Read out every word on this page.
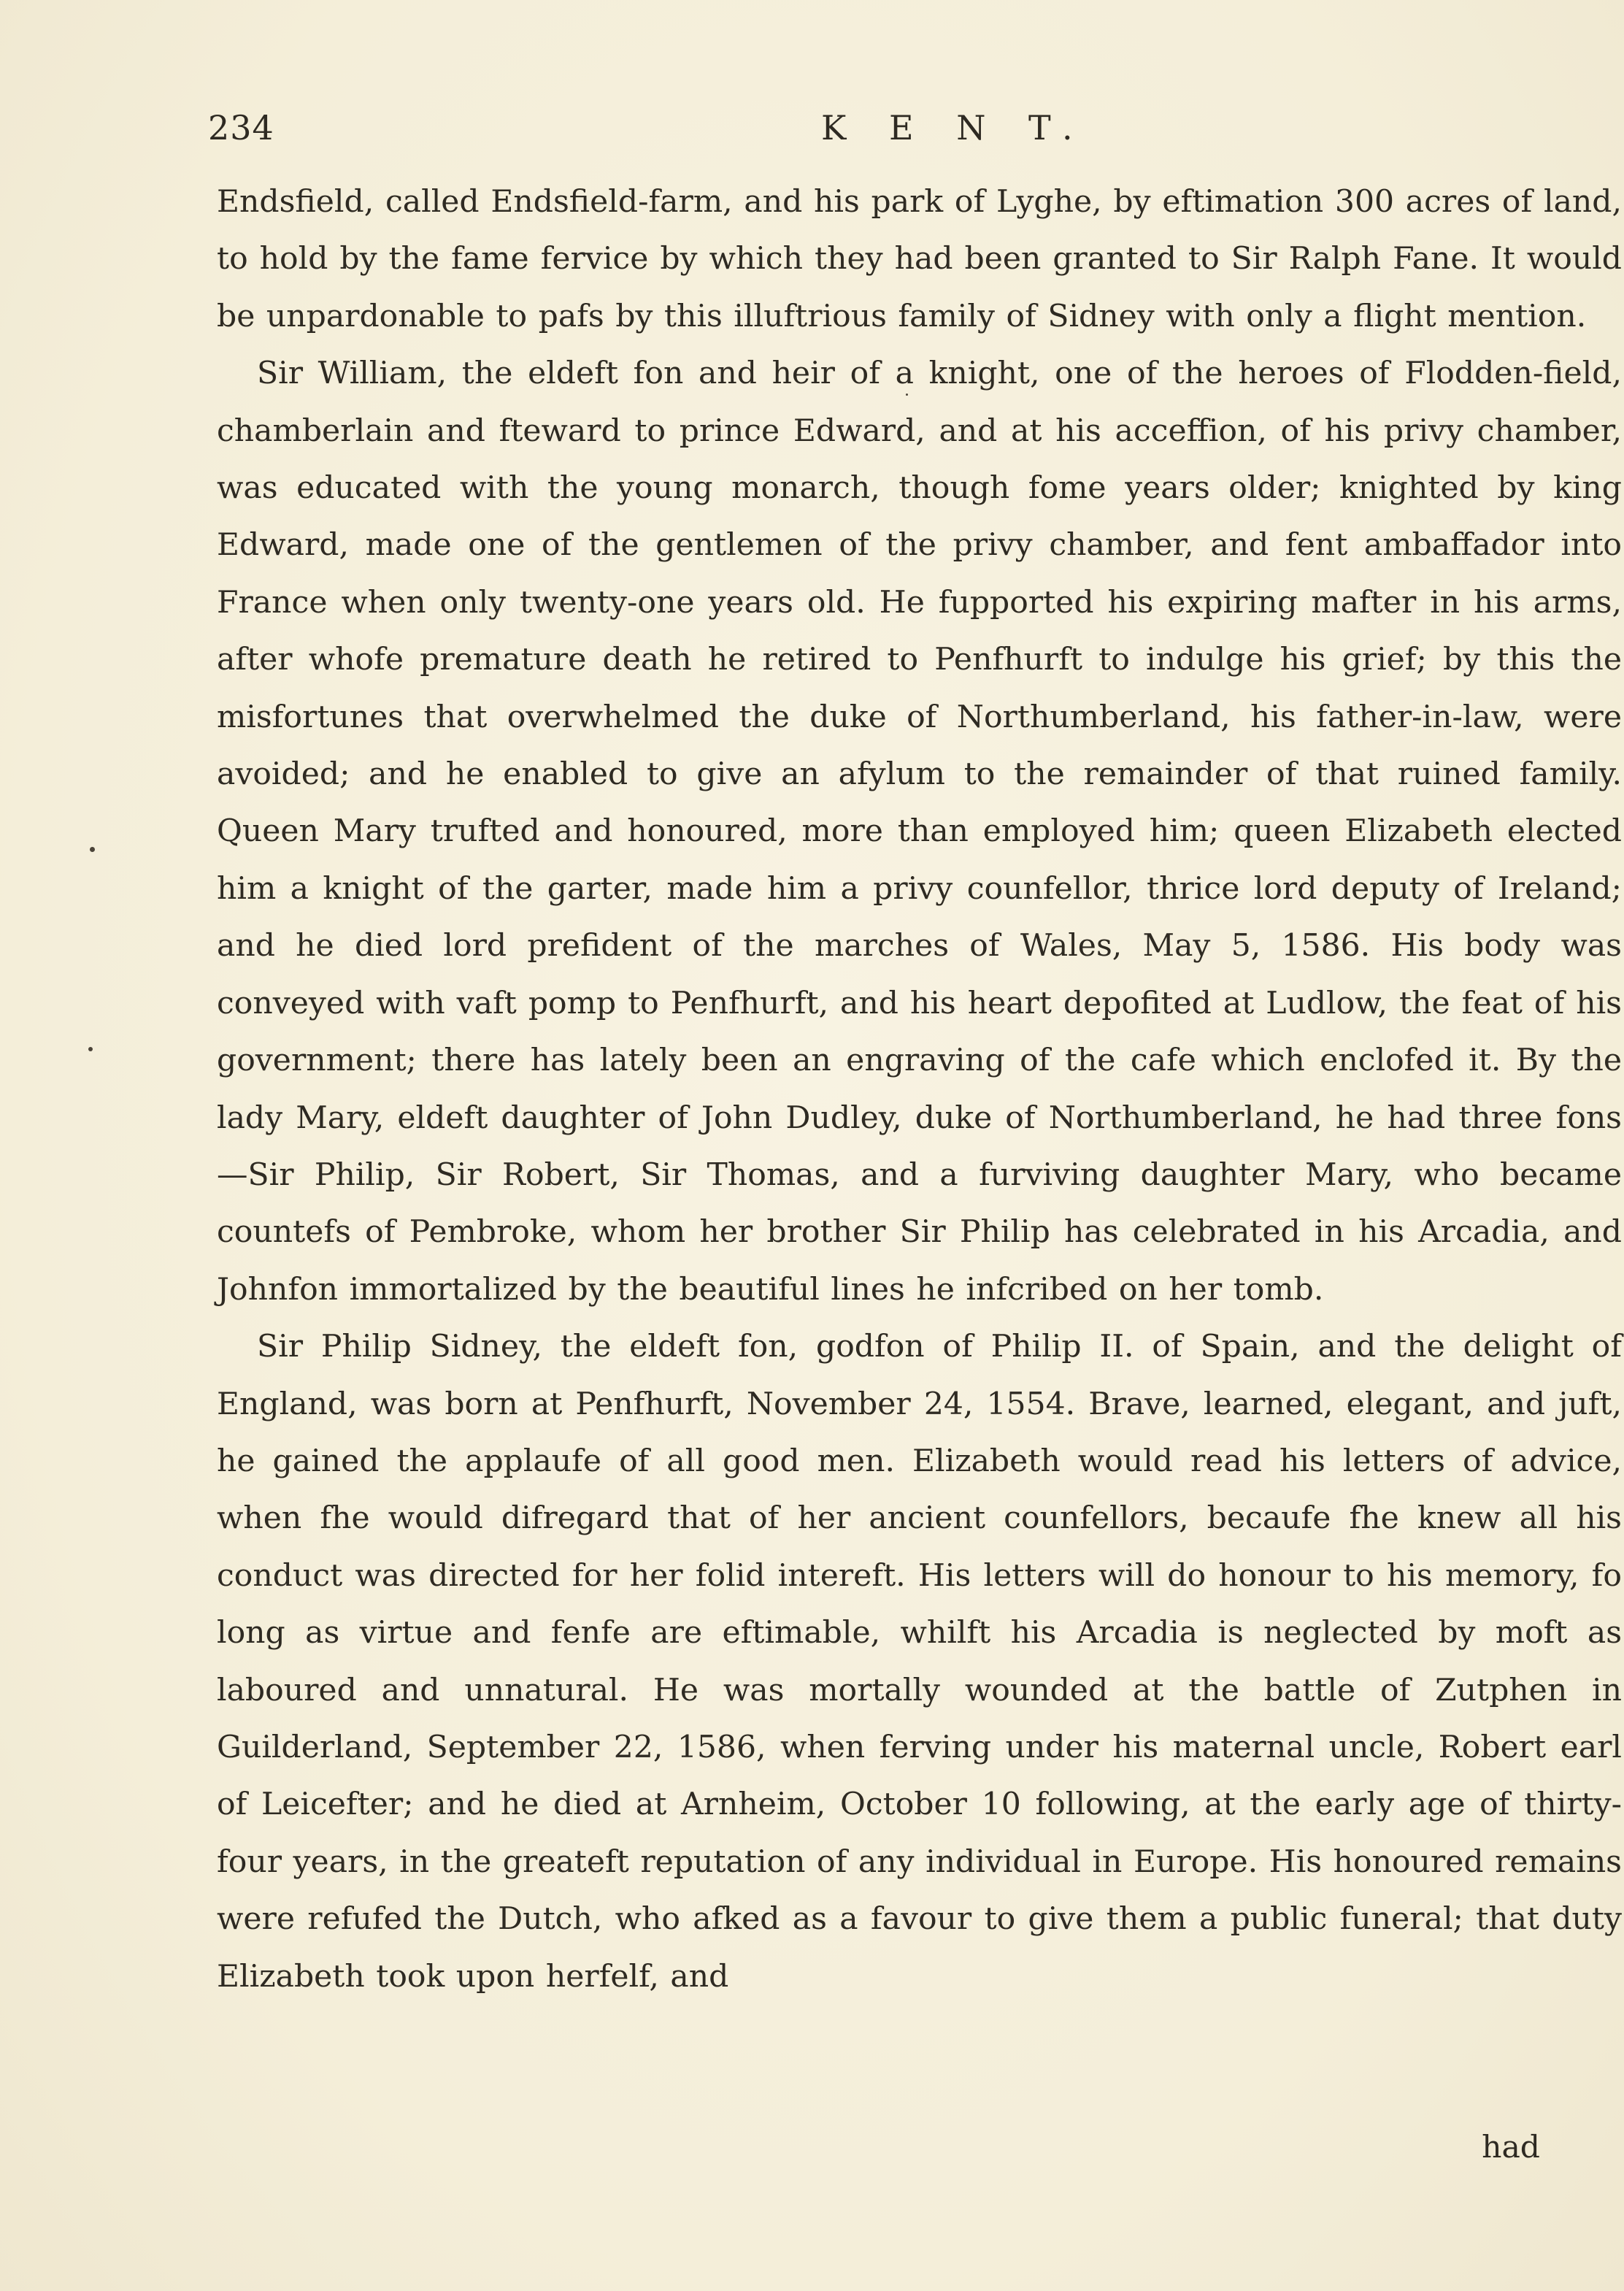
234	K E N T.

Endsfield, called Endsfield-farm, and his park of Lyghe, by eftimation 300 acres of land, to hold by the fame fervice by which they had been granted to Sir Ralph Fane. It would be unpardonable to pafs by this illuftrious family of Sidney with only a flight mention.

Sir William, the eldeft fon and heir of a knight, one of the heroes of Flodden-field, chamberlain and fteward to prince Edward, and at his acceffion, of his privy chamber, was educated with the young monarch, though fome years older; knighted by king Edward, made one of the gentlemen of the privy chamber, and fent ambaffador into France when only twenty-one years old. He fupported his expiring mafter in his arms, after whofe premature death he retired to Penfhurft to indulge his grief; by this the misfortunes that overwhelmed the duke of Northumberland, his father-in-law, were avoided; and he enabled to give an afylum to the remainder of that ruined family. Queen Mary trufted and honoured, more than employed him; queen Elizabeth elected him a knight of the garter, made him a privy counfellor, thrice lord deputy of Ireland; and he died lord prefident of the marches of Wales, May 5, 1586. His body was conveyed with vaft pomp to Penfhurft, and his heart depofited at Ludlow, the feat of his government; there has lately been an engraving of the cafe which enclofed it. By the lady Mary, eldeft daughter of John Dudley, duke of Northumberland, he had three fons—Sir Philip, Sir Robert, Sir Thomas, and a furviving daughter Mary, who became countefs of Pembroke, whom her brother Sir Philip has celebrated in his Arcadia, and Johnfon immortalized by the beautiful lines he infcribed on her tomb.

Sir Philip Sidney, the eldeft fon, godfon of Philip II. of Spain, and the delight of England, was born at Penfhurft, November 24, 1554. Brave, learned, elegant, and juft, he gained the applaufe of all good men. Elizabeth would read his letters of advice, when fhe would difregard that of her ancient counfellors, becaufe fhe knew all his conduct was directed for her folid intereft. His letters will do honour to his memory, fo long as virtue and fenfe are eftimable, whilft his Arcadia is neglected by moft as laboured and unnatural. He was mortally wounded at the battle of Zutphen in Guilderland, September 22, 1586, when ferving under his maternal uncle, Robert earl of Leicefter; and he died at Arnheim, October 10 following, at the early age of thirty-four years, in the greateft reputation of any individual in Europe. His honoured remains were refufed the Dutch, who afked as a favour to give them a public funeral; that duty Elizabeth took upon herfelf, and

had
